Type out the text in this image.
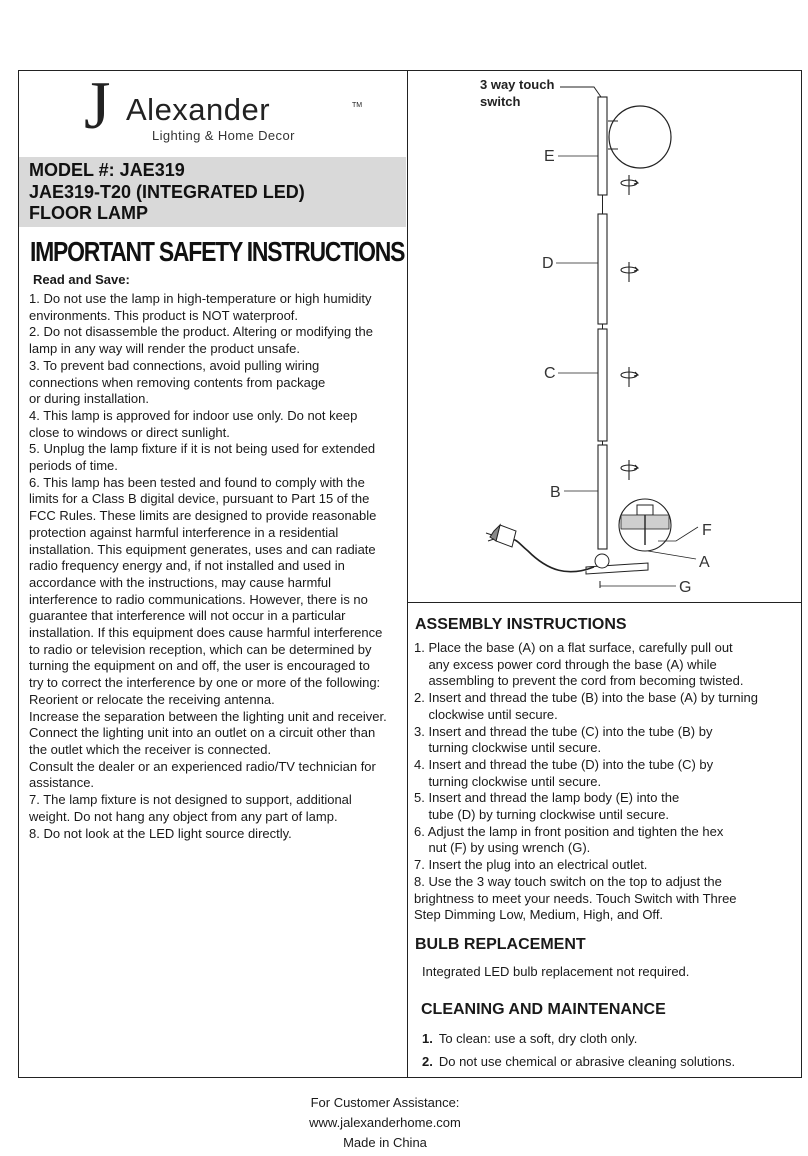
J Alexander	TM
Lighting & Home Decor
MODEL #: JAE319
JAE319-T20 (INTEGRATED LED)
FLOOR LAMP
IMPORTANT SAFETY INSTRUCTIONS
Read and Save:
1. Do not use the lamp in high-temperature or high humidity
environments. This product is NOT waterproof.
2. Do not disassemble the product. Altering or modifying the
lamp in any way will render the product unsafe.
3. To prevent bad connections, avoid pulling wiring
connections when removing contents from package
or during installation.
4. This lamp is approved for indoor use only. Do not keep
close to windows or direct sunlight.
5. Unplug the lamp fixture if it is not being used for extended
periods of time.
6. This lamp has been tested and found to comply with the
limits for a Class B digital device, pursuant to Part 15 of the
FCC Rules. These limits are designed to provide reasonable
protection against harmful interference in a residential
installation. This equipment generates, uses and can radiate
radio frequency energy and, if not installed and used in
accordance with the instructions, may cause harmful
interference to radio communications. However, there is no
guarantee that interference will not occur in a particular
installation. If this equipment does cause harmful interference
to radio or television reception, which can be determined by
turning the equipment on and off, the user is encouraged to
try to correct the interference by one or more of the following:
Reorient or relocate the receiving antenna.
Increase the separation between the lighting unit and receiver.
Connect the lighting unit into an outlet on a circuit other than
the outlet which the receiver is connected.
Consult the dealer or an experienced radio/TV technician for
assistance.
7. The lamp fixture is not designed to support, additional
weight. Do not hang any object from any part of lamp.
8. Do not look at the LED light source directly.
3 way touch
switch
E
D
C
B
F
A
G
ASSEMBLY INSTRUCTIONS
1. Place the base (A) on a flat surface, carefully pull out
any excess power cord through the base (A) while
assembling to prevent the cord from becoming twisted.
2. Insert and thread the tube (B) into the base (A) by turning
clockwise until secure.
3. Insert and thread the tube (C) into the tube (B) by
turning clockwise until secure.
4. Insert and thread the tube (D) into the tube (C) by
turning clockwise until secure.
5. Insert and thread the lamp body (E) into the
tube (D) by turning clockwise until secure.
6. Adjust the lamp in front position and tighten the hex
nut (F) by using wrench (G).
7. Insert the plug into an electrical outlet.
8. Use the 3 way touch switch on the top to adjust the
brightness to meet your needs. Touch Switch with Three
Step Dimming Low, Medium, High, and Off.
BULB REPLACEMENT
Integrated LED bulb replacement not required.
CLEANING AND MAINTENANCE
1. To clean: use a soft, dry cloth only.
2. Do not use chemical or abrasive cleaning solutions.
For Customer Assistance:
www.jalexanderhome.com
Made in China
